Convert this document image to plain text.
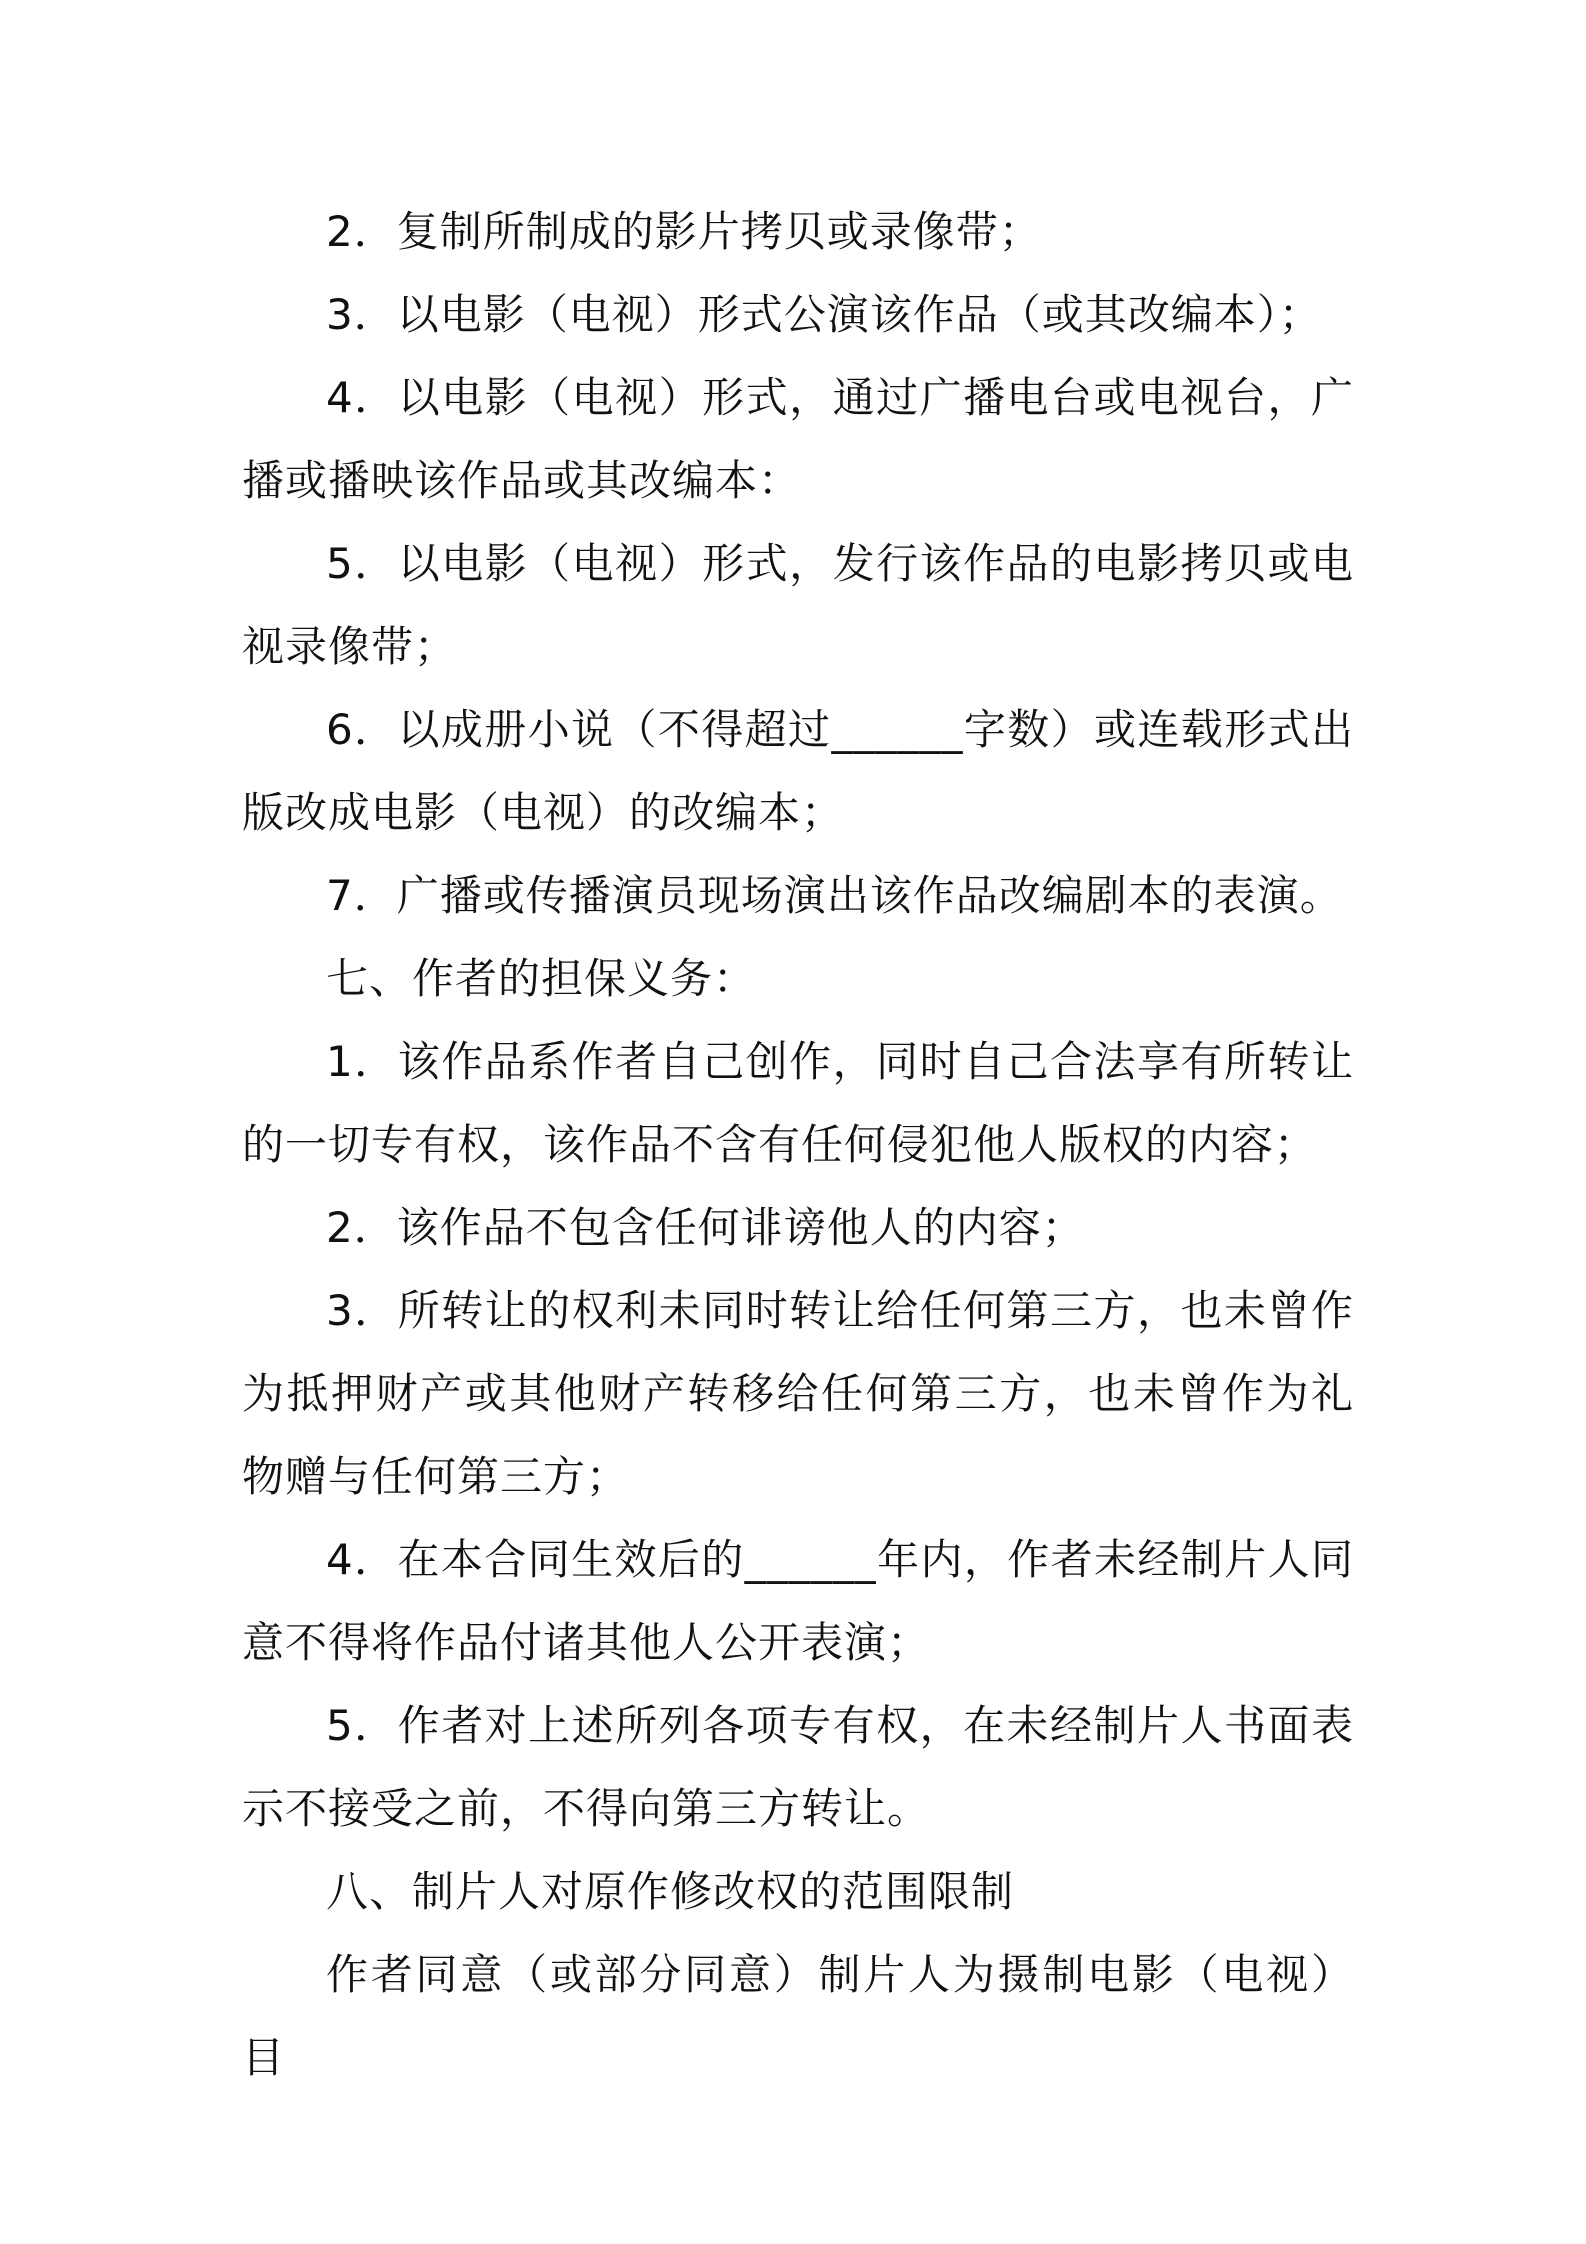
2．复制所制成的影片拷贝或录像带；

3．以电影（电视）形式公演该作品（或其改编本）；

4．以电影（电视）形式，通过广播电台或电视台，广播或播映该作品或其改编本：

5．以电影（电视）形式，发行该作品的电影拷贝或电视录像带；

6．以成册小说（不得超过______字数）或连载形式出版改成电影（电视）的改编本；

7．广播或传播演员现场演出该作品改编剧本的表演。

七、作者的担保义务：

1．该作品系作者自己创作，同时自己合法享有所转让的一切专有权，该作品不含有任何侵犯他人版权的内容；

2．该作品不包含任何诽谤他人的内容；

3．所转让的权利未同时转让给任何第三方，也未曾作为抵押财产或其他财产转移给任何第三方，也未曾作为礼物赠与任何第三方；

4．在本合同生效后的______年内，作者未经制片人同意不得将作品付诸其他人公开表演；

5．作者对上述所列各项专有权，在未经制片人书面表示不接受之前，不得向第三方转让。

八、制片人对原作修改权的范围限制

作者同意（或部分同意）制片人为摄制电影（电视）目
